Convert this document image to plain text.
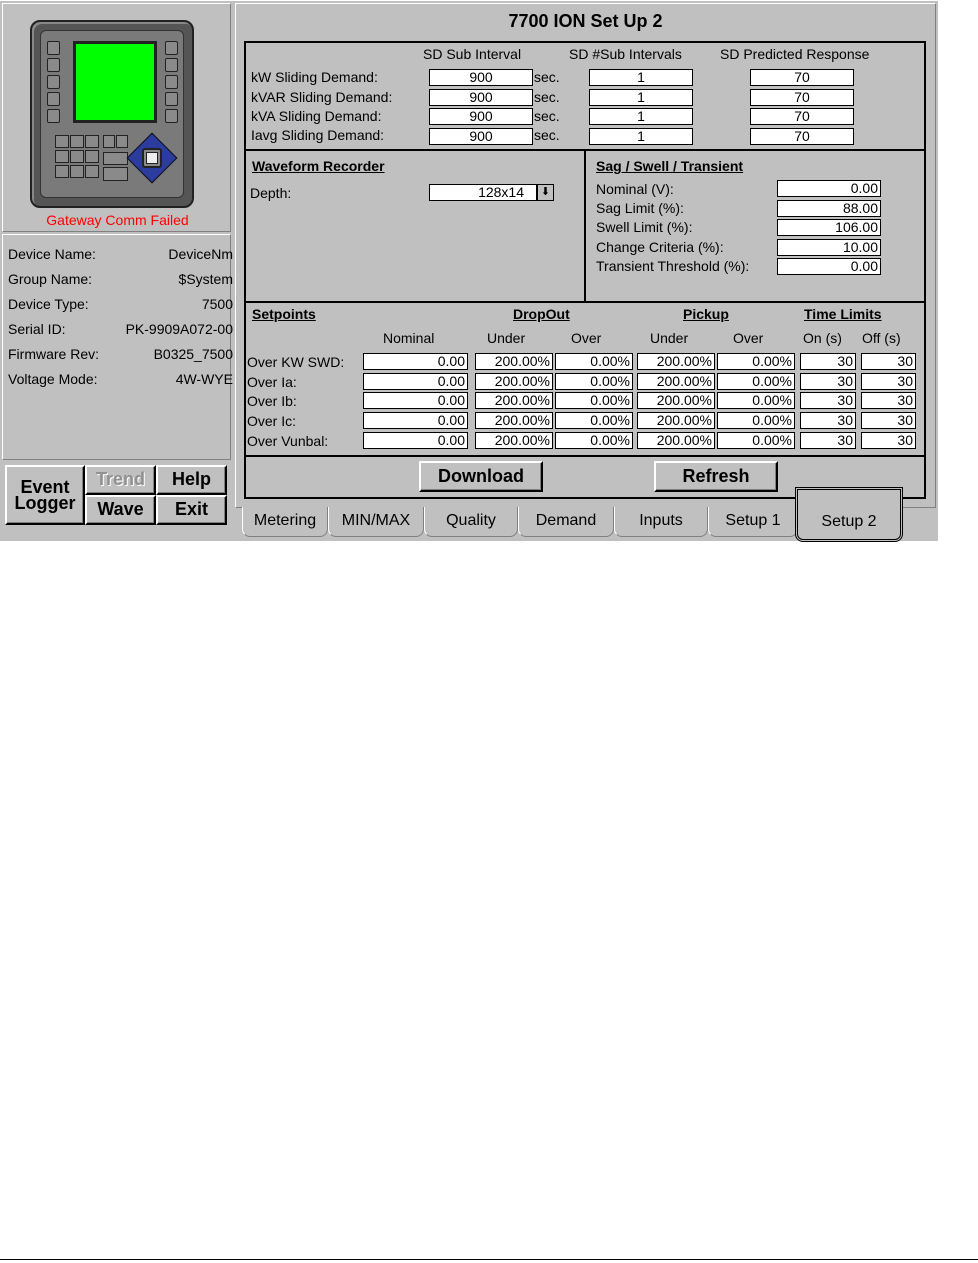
Gateway Comm Failed
Device Name:	DeviceNm
Group Name:	$System
Device Type:	7500
Serial ID:	PK-9909A072-00
Firmware Rev:	B0325_7500
Voltage Mode:	4W-WYE
Event
Logger
Trend	Help
Wave	Exit
7700 ION Set Up 2
SD Sub Interval	SD #Sub Intervals	SD Predicted Response
kW Sliding Demand:	900	sec.	1	70
kVAR Sliding Demand:	900	sec.	1	70
kVA Sliding Demand:	900	sec.	1	70
Iavg Sliding Demand:	900	sec.	1	70
Waveform Recorder
Depth:	128x14	⬇
Sag / Swell / Transient
Nominal (V):	0.00
Sag Limit (%):	88.00
Swell Limit (%):	106.00
Change Criteria (%):	10.00
Transient Threshold (%):	0.00
Setpoints	DropOut	Pickup	Time Limits
Nominal	Under	Over	Under	Over	On (s) Off (s)
Over KW SWD:	0.00	200.00%	0.00%	200.00%	0.00%	30	30
Over Ia:	0.00	200.00%	0.00%	200.00%	0.00%	30	30
Over Ib:	0.00	200.00%	0.00%	200.00%	0.00%	30	30
Over Ic:	0.00	200.00%	0.00%	200.00%	0.00%	30	30
Over Vunbal:	0.00	200.00%	0.00%	200.00%	0.00%	30	30
Download	Refresh
Metering	MIN/MAX	Quality	Demand	Inputs	Setup 1	Setup 2
